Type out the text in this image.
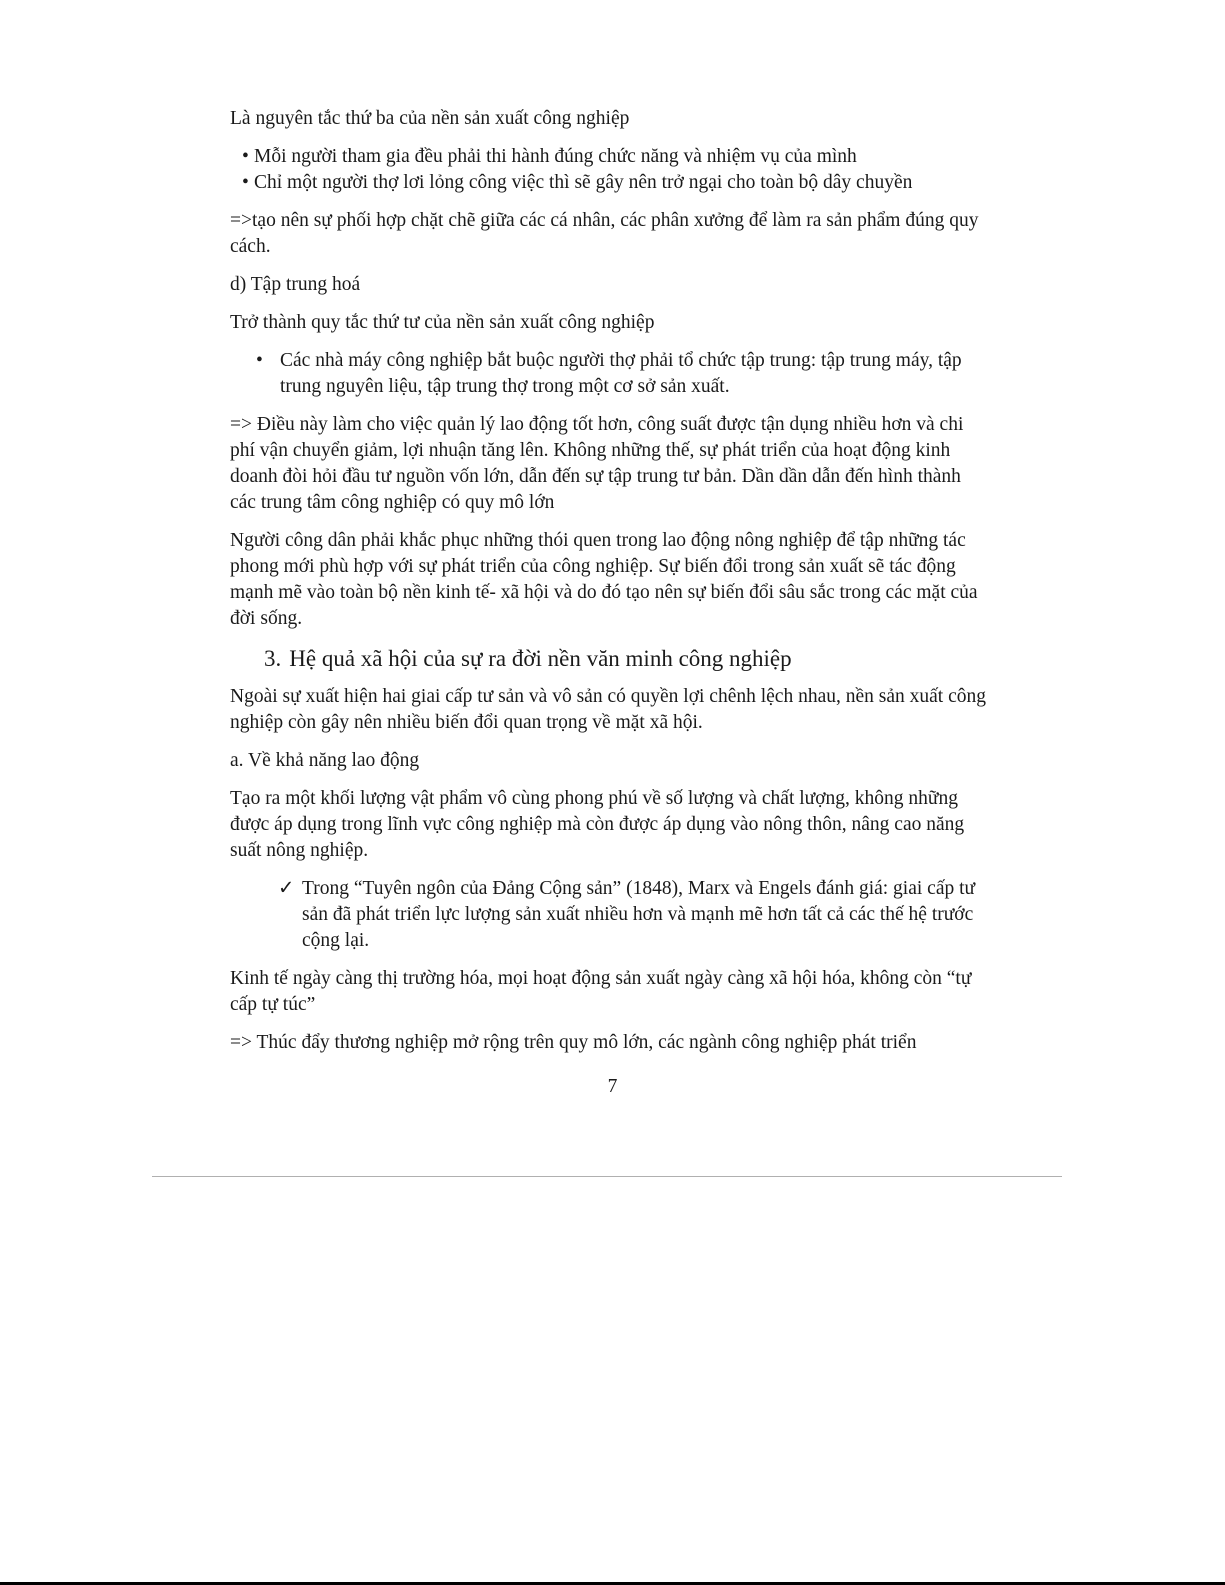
Là nguyên tắc thứ ba của nền sản xuất công nghiệp

• Mỗi người tham gia đều phải thi hành đúng chức năng và nhiệm vụ của mình
• Chỉ một người thợ lơi lỏng công việc thì sẽ gây nên trở ngại cho toàn bộ dây chuyền

=>tạo nên sự phối hợp chặt chẽ giữa các cá nhân, các phân xưởng để làm ra sản phẩm đúng quy cách.

d) Tập trung hoá

Trở thành quy tắc thứ tư của nền sản xuất công nghiệp

• Các nhà máy công nghiệp bắt buộc người thợ phải tổ chức tập trung: tập trung máy, tập trung nguyên liệu, tập trung thợ trong một cơ sở sản xuất.

=> Điều này làm cho việc quản lý lao động tốt hơn, công suất được tận dụng nhiều hơn và chi phí vận chuyển giảm, lợi nhuận tăng lên. Không những thế, sự phát triển của hoạt động kinh doanh đòi hỏi đầu tư nguồn vốn lớn, dẫn đến sự tập trung tư bản. Dần dần dẫn đến hình thành các trung tâm công nghiệp có quy mô lớn

Người công dân phải khắc phục những thói quen trong lao động nông nghiệp để tập những tác phong mới phù hợp với sự phát triển của công nghiệp. Sự biến đổi trong sản xuất sẽ tác động mạnh mẽ vào toàn bộ nền kinh tế- xã hội và do đó tạo nên sự biến đổi sâu sắc trong các mặt của đời sống.

3. Hệ quả xã hội của sự ra đời nền văn minh công nghiệp

Ngoài sự xuất hiện hai giai cấp tư sản và vô sản có quyền lợi chênh lệch nhau, nền sản xuất công nghiệp còn gây nên nhiều biến đổi quan trọng về mặt xã hội.

a. Về khả năng lao động

Tạo ra một khối lượng vật phẩm vô cùng phong phú về số lượng và chất lượng, không những được áp dụng trong lĩnh vực công nghiệp mà còn được áp dụng vào nông thôn, nâng cao năng suất nông nghiệp.

✓ Trong “Tuyên ngôn của Đảng Cộng sản” (1848), Marx và Engels đánh giá: giai cấp tư sản đã phát triển lực lượng sản xuất nhiều hơn và mạnh mẽ hơn tất cả các thế hệ trước cộng lại.

Kinh tế ngày càng thị trường hóa, mọi hoạt động sản xuất ngày càng xã hội hóa, không còn “tự cấp tự túc”

=> Thúc đẩy thương nghiệp mở rộng trên quy mô lớn, các ngành công nghiệp phát triển

7
